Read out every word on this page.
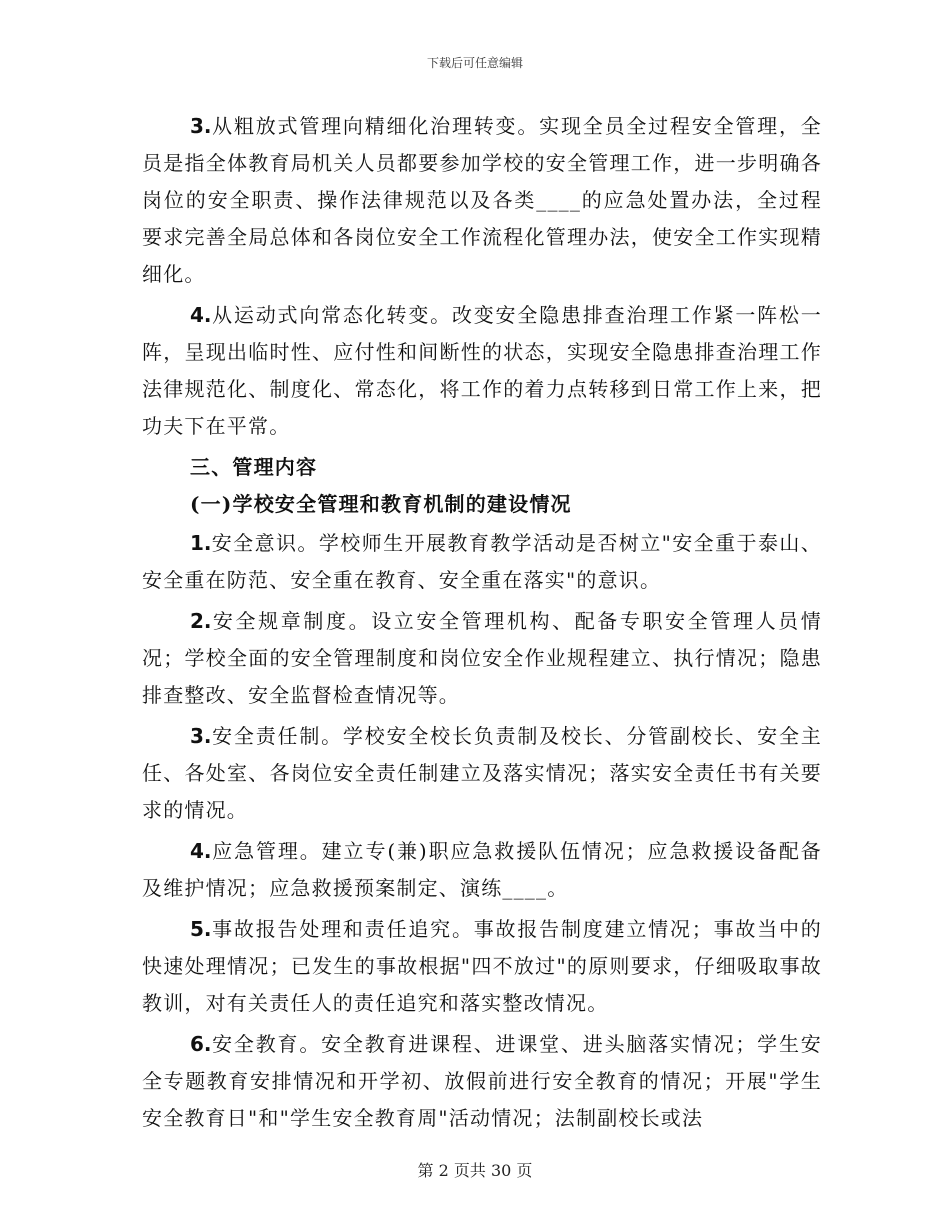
下载后可任意编辑

3.从粗放式管理向精细化治理转变。实现全员全过程安全管理，全员是指全体教育局机关人员都要参加学校的安全管理工作，进一步明确各岗位的安全职责、操作法律规范以及各类____的应急处置办法，全过程要求完善全局总体和各岗位安全工作流程化管理办法，使安全工作实现精细化。

4.从运动式向常态化转变。改变安全隐患排查治理工作紧一阵松一阵，呈现出临时性、应付性和间断性的状态，实现安全隐患排查治理工作法律规范化、制度化、常态化，将工作的着力点转移到日常工作上来，把功夫下在平常。

三、管理内容
(一)学校安全管理和教育机制的建设情况

1.安全意识。学校师生开展教育教学活动是否树立"安全重于泰山、安全重在防范、安全重在教育、安全重在落实"的意识。

2.安全规章制度。设立安全管理机构、配备专职安全管理人员情况；学校全面的安全管理制度和岗位安全作业规程建立、执行情况；隐患排查整改、安全监督检查情况等。

3.安全责任制。学校安全校长负责制及校长、分管副校长、安全主任、各处室、各岗位安全责任制建立及落实情况；落实安全责任书有关要求的情况。

4.应急管理。建立专(兼)职应急救援队伍情况；应急救援设备配备及维护情况；应急救援预案制定、演练____。

5.事故报告处理和责任追究。事故报告制度建立情况；事故当中的快速处理情况；已发生的事故根据"四不放过"的原则要求，仔细吸取事故教训，对有关责任人的责任追究和落实整改情况。

6.安全教育。安全教育进课程、进课堂、进头脑落实情况；学生安全专题教育安排情况和开学初、放假前进行安全教育的情况；开展"学生安全教育日"和"学生安全教育周"活动情况；法制副校长或法

第 2 页共 30 页
